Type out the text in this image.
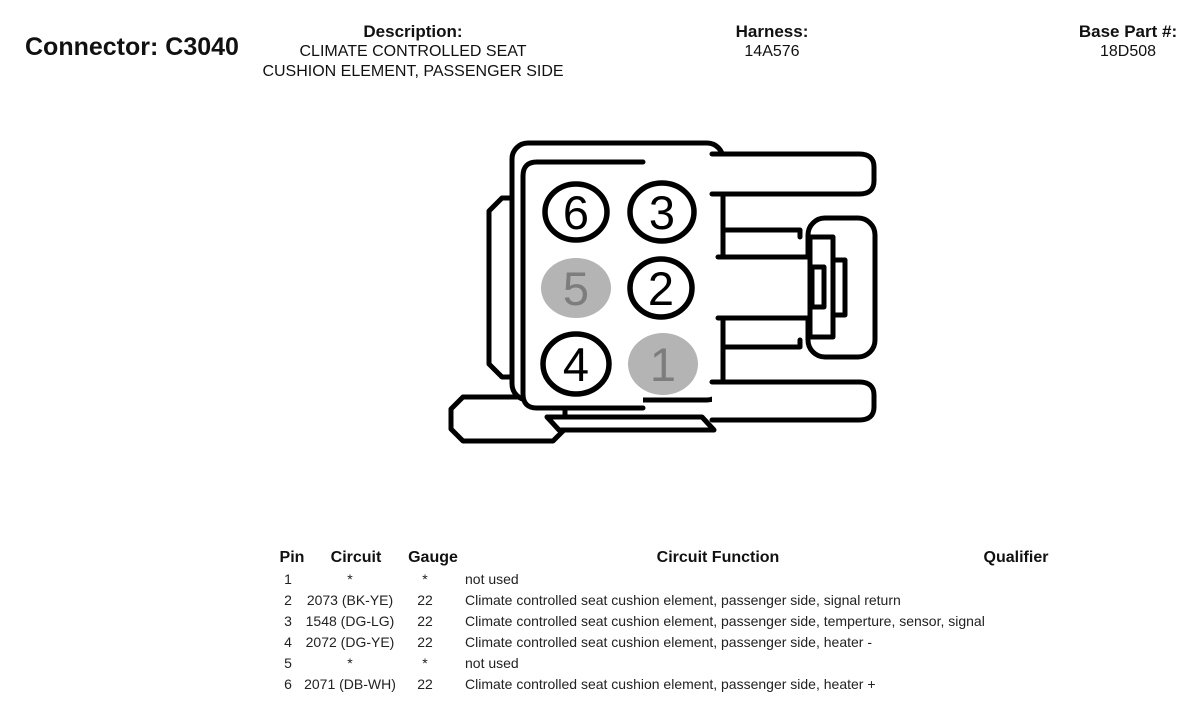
Connector: C3040
Description:
CLIMATE CONTROLLED SEAT
CUSHION ELEMENT, PASSENGER SIDE
Harness:
14A576
Base Part #:
18D508
6 3
5 2
4 1
Pin	Circuit	Gauge	Circuit Function	Qualifier
1	*	*	not used
2	2073 (BK-YE)	22	Climate controlled seat cushion element, passenger side, signal return
3 1548 (DG-LG)	22	Climate controlled seat cushion element, passenger side, temperture, sensor, signal
4 2072 (DG-YE)	22	Climate controlled seat cushion element, passenger side, heater -
5	*	*	not used
6 2071 (DB-WH)	22	Climate controlled seat cushion element, passenger side, heater +
